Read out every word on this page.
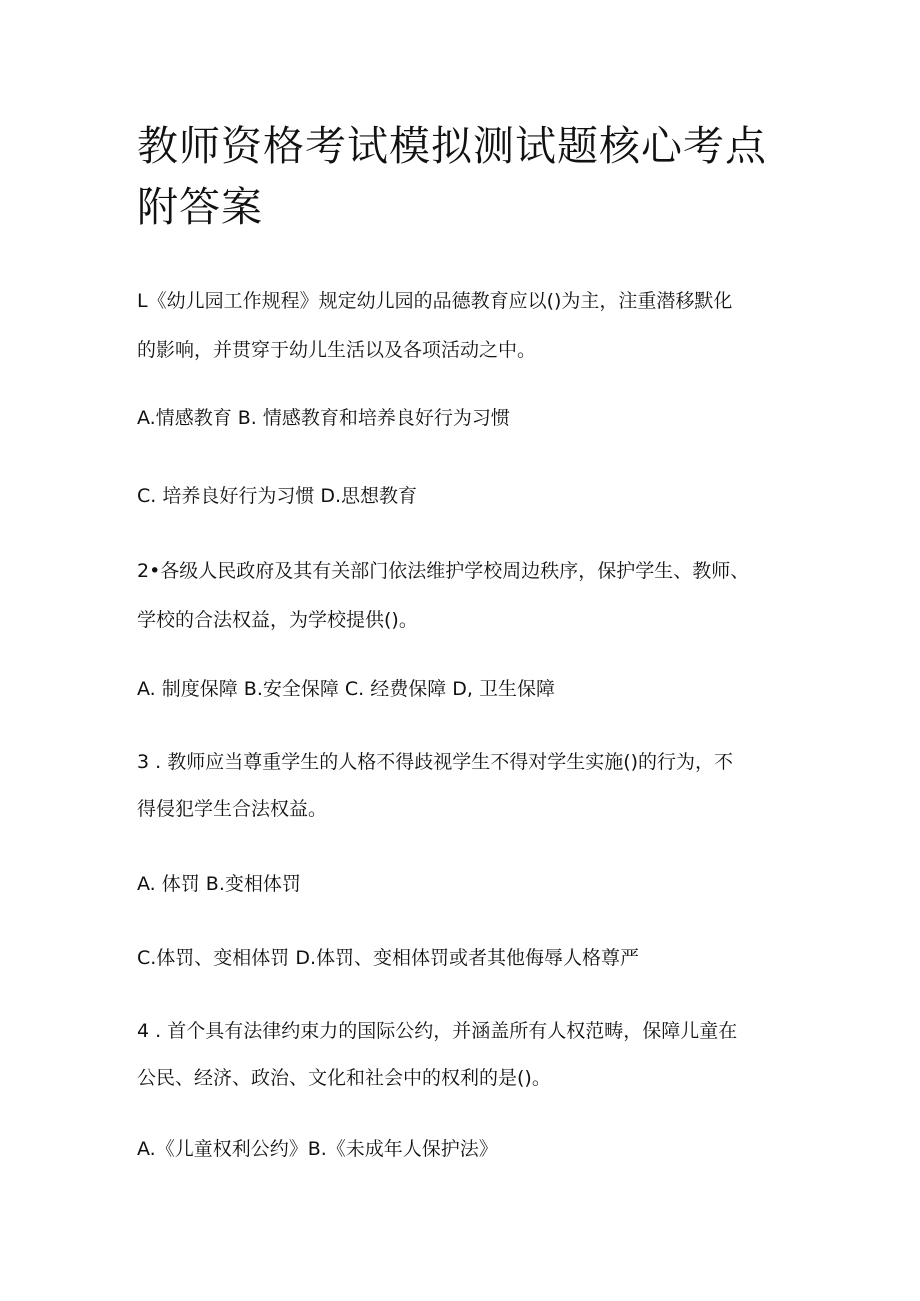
教师资格考试模拟测试题核心考点附答案

L《幼儿园工作规程》规定幼儿园的品德教育应以()为主，注重潜移默化

的影响，并贯穿于幼儿生活以及各项活动之中。

A.情感教育 B. 情感教育和培养良好行为习惯

C. 培养良好行为习惯 D.思想教育

2•各级人民政府及其有关部门依法维护学校周边秩序，保护学生、教师、

学校的合法权益，为学校提供()。

A. 制度保障 B.安全保障 C. 经费保障 D, 卫生保障

3 . 教师应当尊重学生的人格不得歧视学生不得对学生实施()的行为，不

得侵犯学生合法权益。

A. 体罚 B.变相体罚

C.体罚、变相体罚 D.体罚、变相体罚或者其他侮辱人格尊严

4 . 首个具有法律约束力的国际公约，并涵盖所有人权范畴，保障儿童在

公民、经济、政治、文化和社会中的权利的是()。

A.《儿童权利公约》B.《未成年人保护法》
